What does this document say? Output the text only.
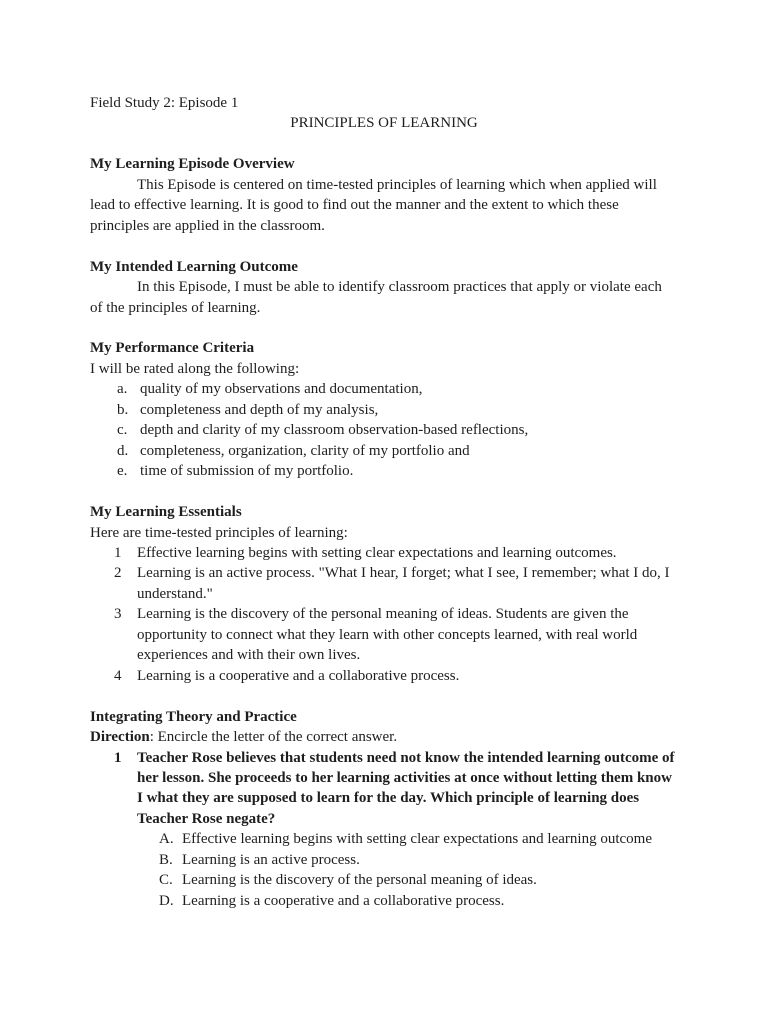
Field Study 2: Episode 1
PRINCIPLES OF LEARNING
My Learning Episode Overview
This Episode is centered on time-tested principles of learning which when applied will
lead to effective learning. It is good to find out the manner and the extent to which these
principles are applied in the classroom.
My Intended Learning Outcome
In this Episode, I must be able to identify classroom practices that apply or violate each
of the principles of learning.
My Performance Criteria
I will be rated along the following:
a. quality of my observations and documentation,
b. completeness and depth of my analysis,
c. depth and clarity of my classroom observation-based reflections,
d. completeness, organization, clarity of my portfolio and
e. time of submission of my portfolio.
My Learning Essentials
Here are time-tested principles of learning:
1 Effective learning begins with setting clear expectations and learning outcomes.
2 Learning is an active process. "What I hear, I forget; what I see, I remember; what I do, I
understand."
3 Learning is the discovery of the personal meaning of ideas. Students are given the
opportunity to connect what they learn with other concepts learned, with real world
experiences and with their own lives.
4 Learning is a cooperative and a collaborative process.
Integrating Theory and Practice
Direction: Encircle the letter of the correct answer.
1 Teacher Rose believes that students need not know the intended learning outcome of
her lesson. She proceeds to her learning activities at once without letting them know
I what they are supposed to learn for the day. Which principle of learning does
Teacher Rose negate?
A. Effective learning begins with setting clear expectations and learning outcome
B. Learning is an active process.
C. Learning is the discovery of the personal meaning of ideas.
D. Learning is a cooperative and a collaborative process.
